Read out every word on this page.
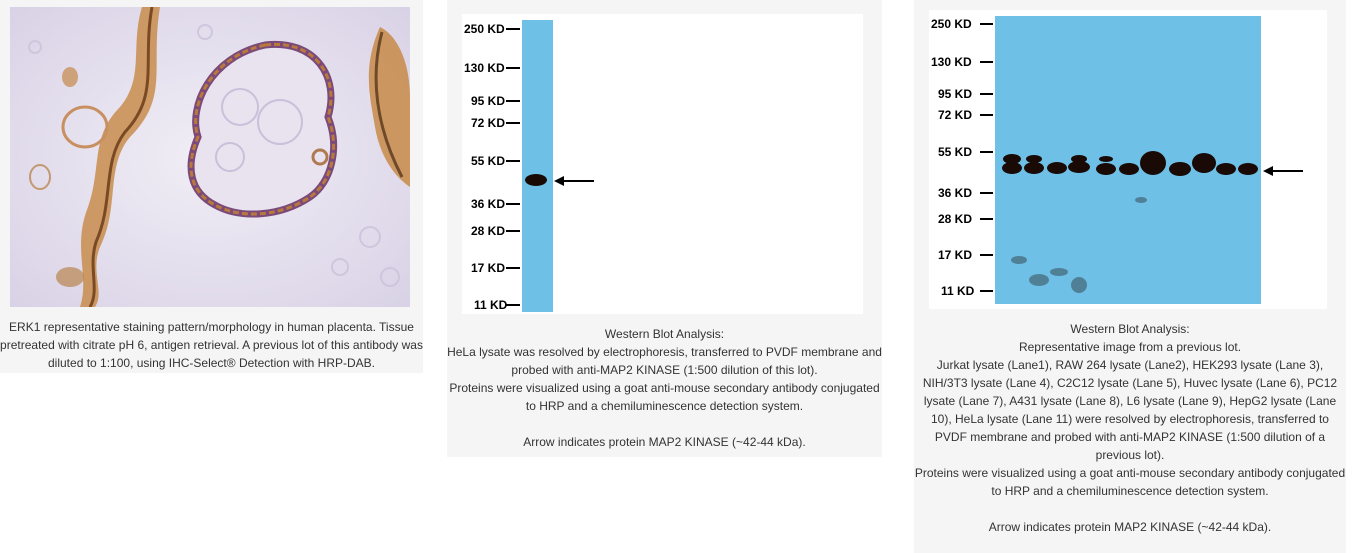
ERK1 representative staining pattern/morphology in human placenta. Tissue pretreated with citrate pH 6, antigen retrieval. A previous lot of this antibody was diluted to 1:100, using IHC-Select® Detection with HRP-DAB.
250 KD
130 KD
95 KD
72 KD
55 KD
36 KD
28 KD
17 KD
11 KD
Western Blot Analysis:
HeLa lysate was resolved by electrophoresis, transferred to PVDF membrane and probed with anti-MAP2 KINASE (1:500 dilution of this lot).
Proteins were visualized using a goat anti-mouse secondary antibody conjugated to HRP and a chemiluminescence detection system.
Arrow indicates protein MAP2 KINASE (~42-44 kDa).
250 KD
130 KD
95 KD
72 KD
55 KD
36 KD
28 KD
17 KD
11 KD
Western Blot Analysis:
Representative image from a previous lot.
Jurkat lysate (Lane1), RAW 264 lysate (Lane2), HEK293 lysate (Lane 3), NIH/3T3 lysate (Lane 4), C2C12 lysate (Lane 5), Huvec lysate (Lane 6), PC12 lysate (Lane 7), A431 lysate (Lane 8), L6 lysate (Lane 9), HepG2 lysate (Lane 10), HeLa lysate (Lane 11) were resolved by electrophoresis, transferred to PVDF membrane and probed with anti-MAP2 KINASE (1:500 dilution of a previous lot).
Proteins were visualized using a goat anti-mouse secondary antibody conjugated to HRP and a chemiluminescence detection system.
Arrow indicates protein MAP2 KINASE (~42-44 kDa).
